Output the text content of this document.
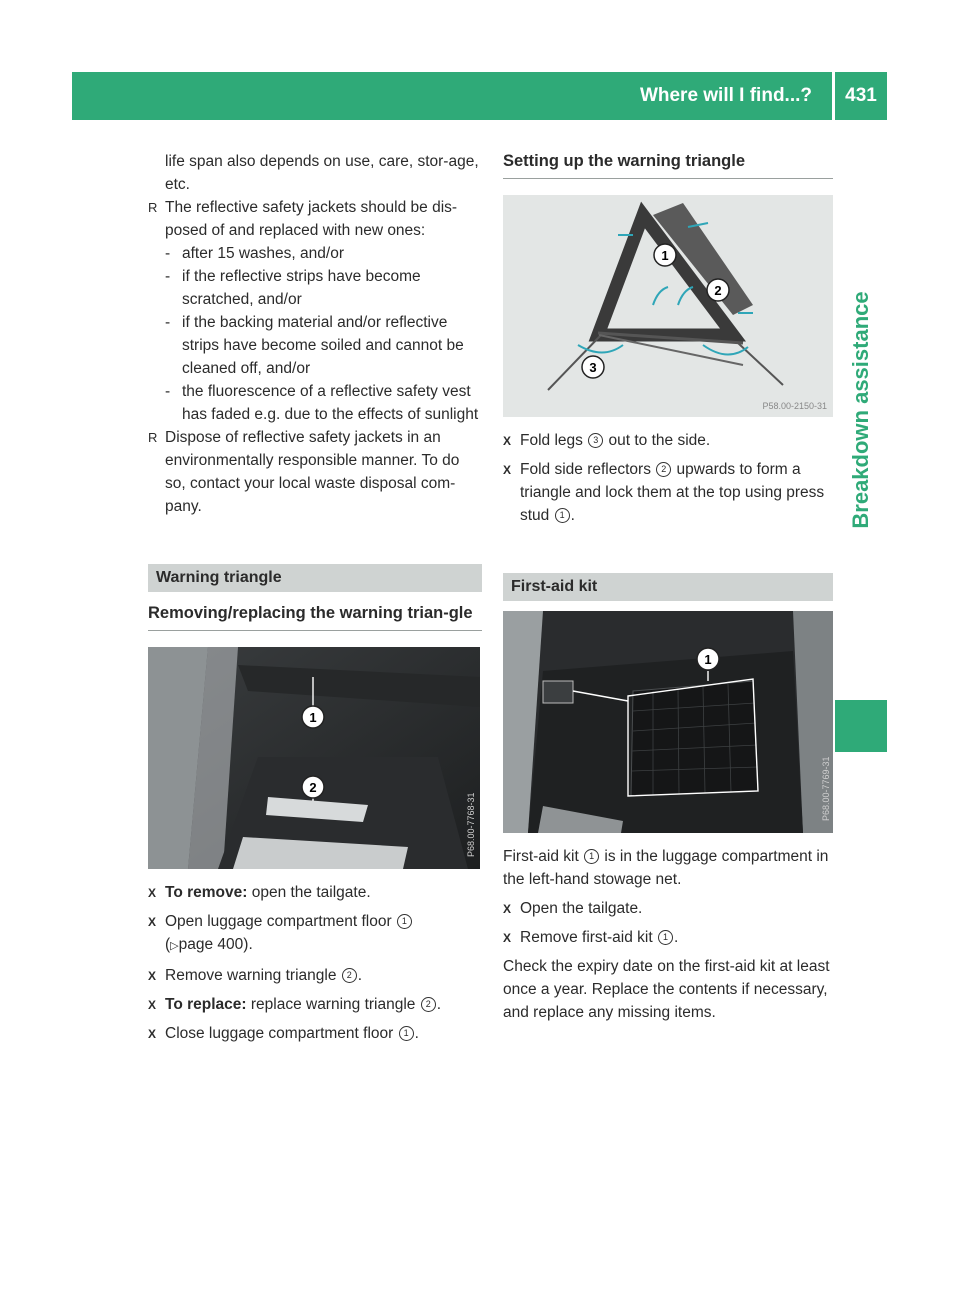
Where will I find...?	431
Breakdown assistance

life span also depends on use, care, stor-age, etc.

R The reflective safety jackets should be dis-posed of and replaced with new ones:

- after 15 washes, and/or

- if the reflective strips have become scratched, and/or

- if the backing material and/or reflective strips have become soiled and cannot be cleaned off, and/or

- the fluorescence of a reflective safety vest has faded e.g. due to the effects of sunlight

R Dispose of reflective safety jackets in an environmentally responsible manner. To do so, contact your local waste disposal com-pany.

Warning triangle
Removing/replacing the warning trian-gle
1
2
P68.00-7768-31

X To remove: open the tailgate.

X Open luggage compartment floor 1
(▷page 400).

X Remove warning triangle 2 .

X To replace: replace warning triangle 2 .

X Close luggage compartment floor 1 .

Setting up the warning triangle
1
2
3
P58.00-2150-31

X Fold legs 3 out to the side.

X Fold side reflectors 2 upwards to form a triangle and lock them at the top using press stud 1 .

First-aid kit
1
P68.00-7769-31

First-aid kit 1 is in the luggage compartment in the left-hand stowage net.

X Open the tailgate.

X Remove first-aid kit 1 .

Check the expiry date on the first-aid kit at least once a year. Replace the contents if necessary, and replace any missing items.
